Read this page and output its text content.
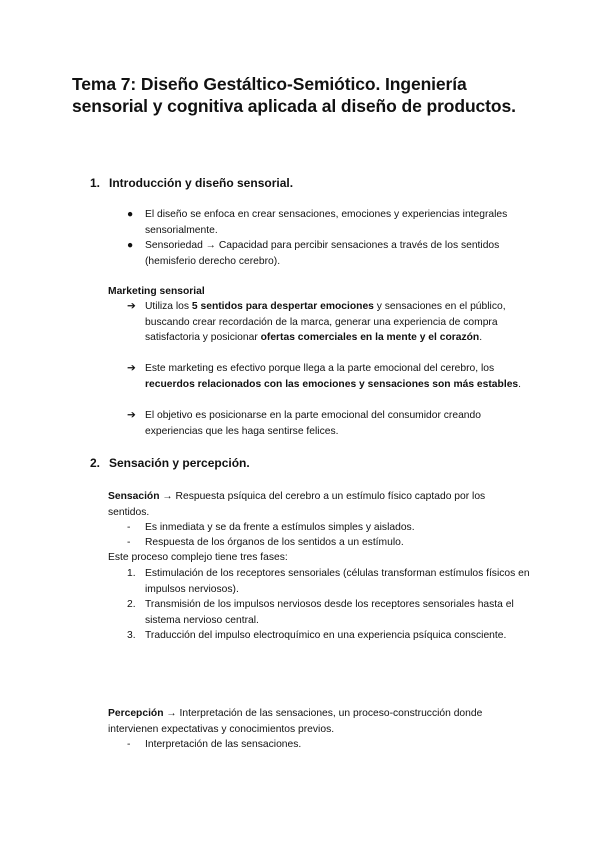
Tema 7: Diseño Gestáltico-Semiótico. Ingeniería sensorial y cognitiva aplicada al diseño de productos.
1. Introducción y diseño sensorial.
● El diseño se enfoca en crear sensaciones, emociones y experiencias integrales sensorialmente.
● Sensoriedad → Capacidad para percibir sensaciones a través de los sentidos (hemisferio derecho cerebro).
Marketing sensorial
➔ Utiliza los 5 sentidos para despertar emociones y sensaciones en el público, buscando crear recordación de la marca, generar una experiencia de compra satisfactoria y posicionar ofertas comerciales en la mente y el corazón.
➔ Este marketing es efectivo porque llega a la parte emocional del cerebro, los recuerdos relacionados con las emociones y sensaciones son más estables.
➔ El objetivo es posicionarse en la parte emocional del consumidor creando experiencias que les haga sentirse felices.
2. Sensación y percepción.
Sensación → Respuesta psíquica del cerebro a un estímulo físico captado por los sentidos.
- Es inmediata y se da frente a estímulos simples y aislados.
- Respuesta de los órganos de los sentidos a un estímulo.
Este proceso complejo tiene tres fases:
1. Estimulación de los receptores sensoriales (células transforman estímulos físicos en impulsos nerviosos).
2. Transmisión de los impulsos nerviosos desde los receptores sensoriales hasta el sistema nervioso central.
3. Traducción del impulso electroquímico en una experiencia psíquica consciente.
Percepción → Interpretación de las sensaciones, un proceso-construcción donde intervienen expectativas y conocimientos previos.
- Interpretación de las sensaciones.
